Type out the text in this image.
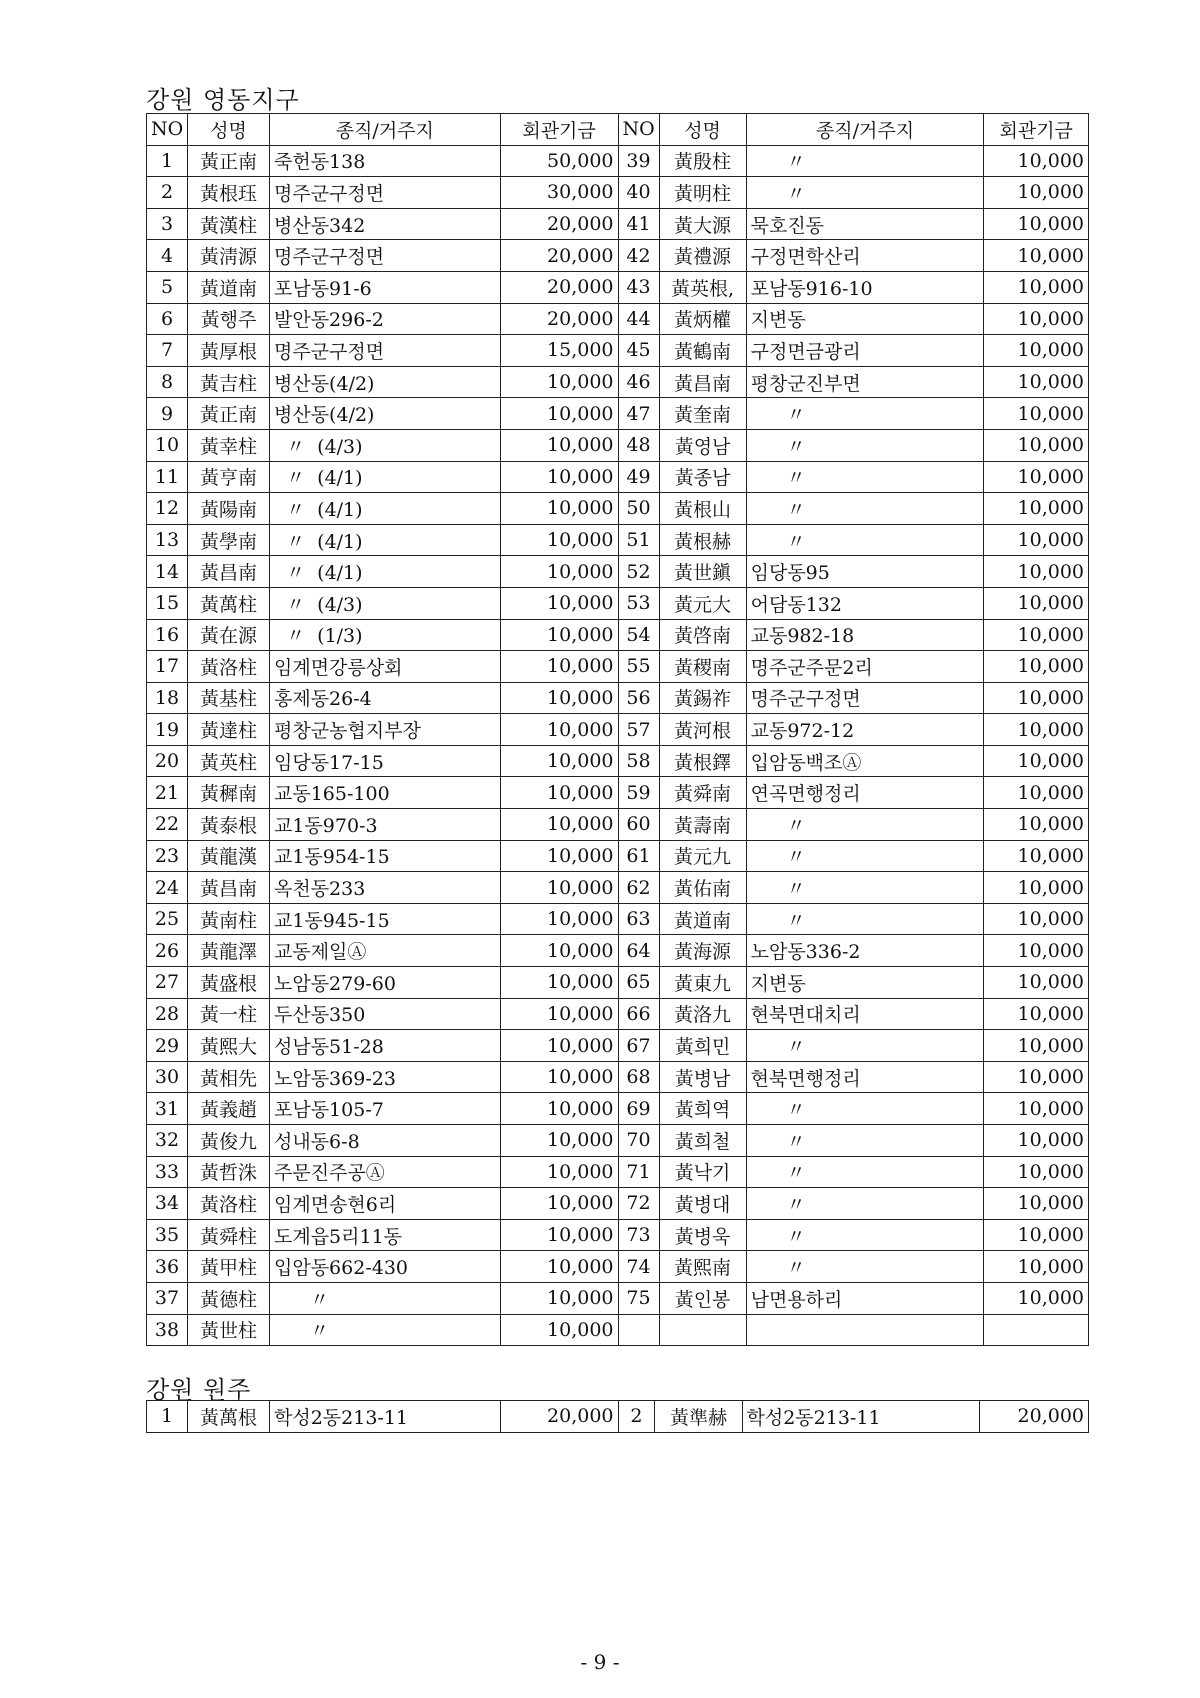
강원 영동지구
NO	성명	종직/거주지	회관기금	NO	성명	종직/거주지	회관기금
1	黃正南	죽헌동138	50,000	39	黃殷柱	〃	10,000
2	黃根珏	명주군구정면	30,000	40	黃明柱	〃	10,000
3	黃漢柱	병산동342	20,000	41	黃大源	묵호진동	10,000
4	黃淸源	명주군구정면	20,000	42	黃禮源	구정면학산리	10,000
5	黃道南	포남동91-6	20,000	43	黃英根,	포남동916-10	10,000
6	黃행주	발안동296-2	20,000	44	黃炳權	지변동	10,000
7	黃厚根	명주군구정면	15,000	45	黃鶴南	구정면금광리	10,000
8	黃吉柱	병산동(4/2)	10,000	46	黃昌南	평창군진부면	10,000
9	黃正南	병산동(4/2)	10,000	47	黃奎南	〃	10,000
10	黃幸柱	〃  (4/3)	10,000	48	黃영남	〃	10,000
11	黃亨南	〃  (4/1)	10,000	49	黃종남	〃	10,000
12	黃陽南	〃  (4/1)	10,000	50	黃根山	〃	10,000
13	黃學南	〃  (4/1)	10,000	51	黃根赫	〃	10,000
14	黃昌南	〃  (4/1)	10,000	52	黃世鎭	임당동95	10,000
15	黃萬柱	〃  (4/3)	10,000	53	黃元大	어담동132	10,000
16	黃在源	〃  (1/3)	10,000	54	黃啓南	교동982-18	10,000
17	黃洛柱	임계면강릉상회	10,000	55	黃稷南	명주군주문2리	10,000
18	黃基柱	홍제동26-4	10,000	56	黃錫祚	명주군구정면	10,000
19	黃達柱	평창군농협지부장	10,000	57	黃河根	교동972-12	10,000
20	黃英柱	임당동17-15	10,000	58	黃根鐸	입암동백조Ⓐ	10,000
21	黃穉南	교동165-100	10,000	59	黃舜南	연곡면행정리	10,000
22	黃泰根	교1동970-3	10,000	60	黃壽南	〃	10,000
23	黃龍漢	교1동954-15	10,000	61	黃元九	〃	10,000
24	黃昌南	옥천동233	10,000	62	黃佑南	〃	10,000
25	黃南柱	교1동945-15	10,000	63	黃道南	〃	10,000
26	黃龍澤	교동제일Ⓐ	10,000	64	黃海源	노암동336-2	10,000
27	黃盛根	노암동279-60	10,000	65	黃東九	지변동	10,000
28	黃一柱	두산동350	10,000	66	黃洛九	현북면대치리	10,000
29	黃熙大	성남동51-28	10,000	67	黃희민	〃	10,000
30	黃相先	노암동369-23	10,000	68	黃병남	현북면행정리	10,000
31	黃義趙	포남동105-7	10,000	69	黃희역	〃	10,000
32	黃俊九	성내동6-8	10,000	70	黃희철	〃	10,000
33	黃哲洙	주문진주공Ⓐ	10,000	71	黃낙기	〃	10,000
34	黃洛柱	임계면송현6리	10,000	72	黃병대	〃	10,000
35	黃舜柱	도계읍5리11동	10,000	73	黃병욱	〃	10,000
36	黃甲柱	입암동662-430	10,000	74	黃熙南	〃	10,000
37	黃德柱	〃	10,000	75	黃인봉	남면용하리	10,000
38	黃世柱	〃	10,000				
강원 원주
1	黃萬根	학성2동213-11	20,000	2	黃準赫	학성2동213-11	20,000
- 9 -
